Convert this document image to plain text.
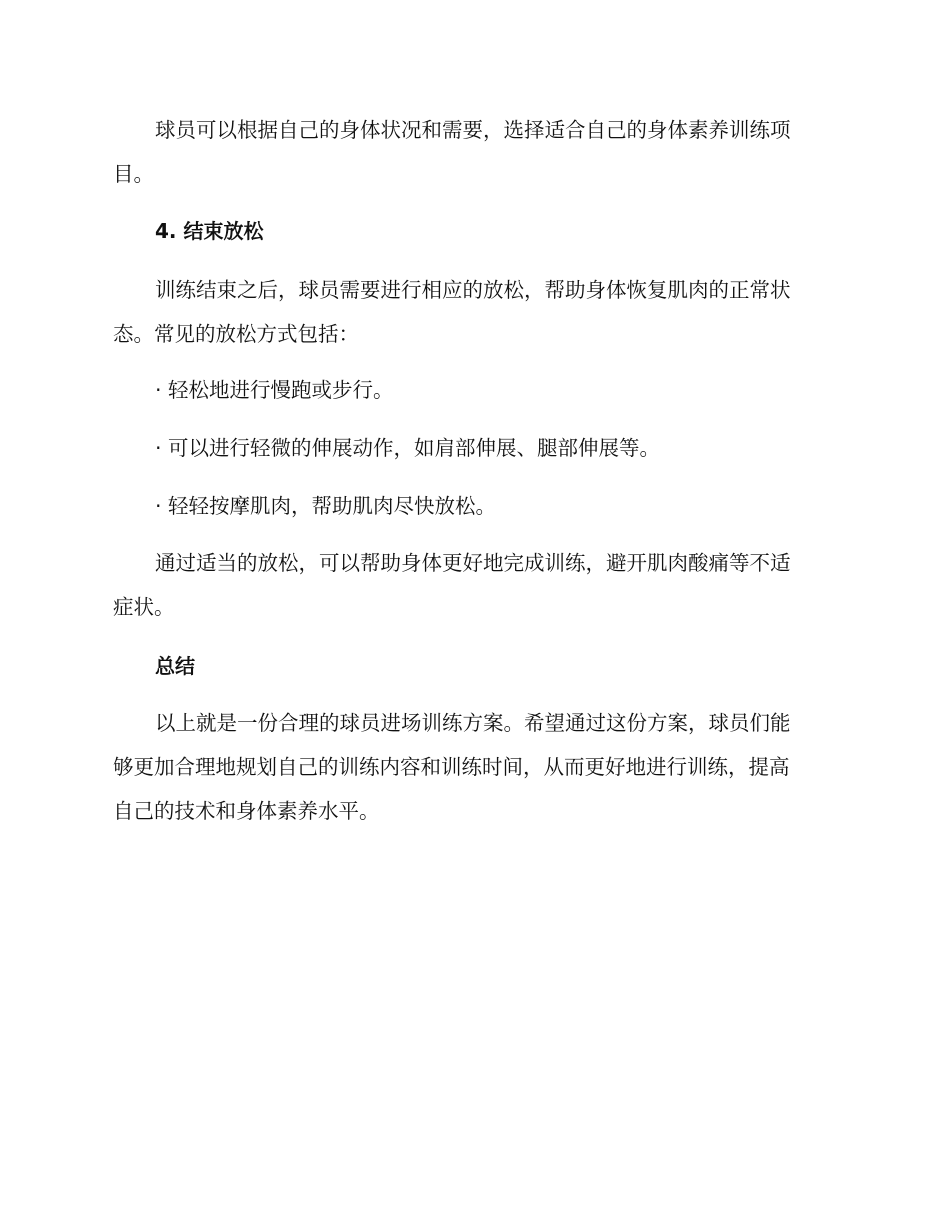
球员可以根据自己的身体状况和需要，选择适合自己的身体素养训练项
目。
4. 结束放松
训练结束之后，球员需要进行相应的放松，帮助身体恢复肌肉的正常状
态。常见的放松方式包括：
· 轻松地进行慢跑或步行。
· 可以进行轻微的伸展动作，如肩部伸展、腿部伸展等。
· 轻轻按摩肌肉，帮助肌肉尽快放松。
通过适当的放松，可以帮助身体更好地完成训练，避开肌肉酸痛等不适
症状。
总结
以上就是一份合理的球员进场训练方案。希望通过这份方案，球员们能
够更加合理地规划自己的训练内容和训练时间，从而更好地进行训练，提高
自己的技术和身体素养水平。
